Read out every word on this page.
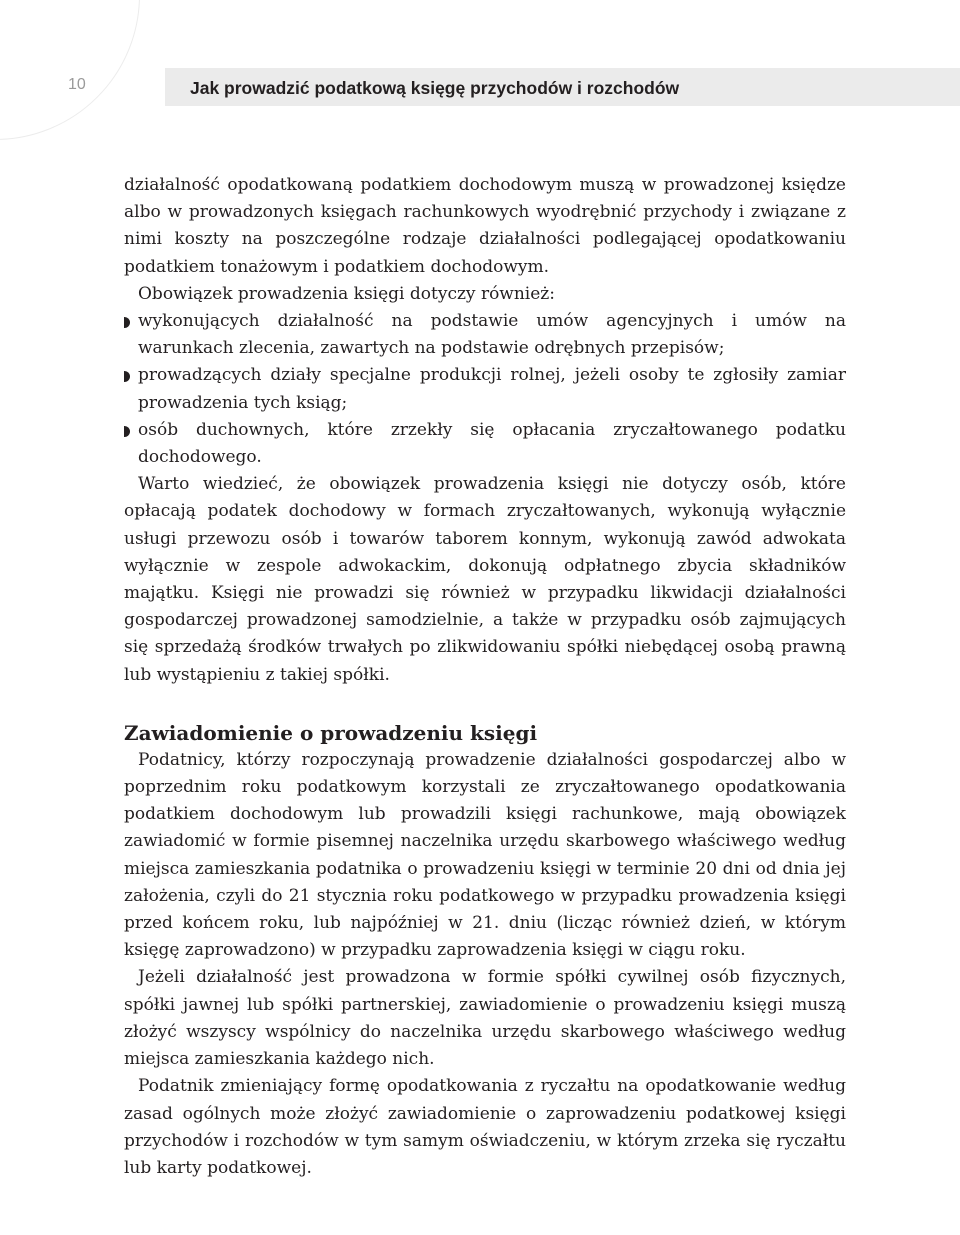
10	Jak prowadzić podatkową księgę przychodów i rozchodów

działalność opodatkowaną podatkiem dochodowym muszą w prowadzonej księdze albo w prowadzonych księgach rachunkowych wyodrębnić przychody i związane z nimi koszty na poszczególne rodzaje działalności podlegającej opodatkowaniu podatkiem tonażowym i podatkiem dochodowym.

Obowiązek prowadzenia księgi dotyczy również:

wykonujących działalność na podstawie umów agencyjnych i umów na warunkach zlecenia, zawartych na podstawie odrębnych przepisów;
prowadzących działy specjalne produkcji rolnej, jeżeli osoby te zgłosiły zamiar prowadzenia tych ksiąg;
osób duchownych, które zrzekły się opłacania zryczałtowanego podatku dochodowego.

Warto wiedzieć, że obowiązek prowadzenia księgi nie dotyczy osób, które opłacają podatek dochodowy w formach zryczałtowanych, wykonują wyłącznie usługi przewozu osób i towarów taborem konnym, wykonują zawód adwokata wyłącznie w zespole adwokackim, dokonują odpłatnego zbycia składników majątku. Księgi nie prowadzi się również w przypadku likwidacji działalności gospodarczej prowadzonej samodzielnie, a także w przypadku osób zajmujących się sprzedażą środków trwałych po zlikwidowaniu spółki niebędącej osobą prawną lub wystąpieniu z takiej spółki.

Zawiadomienie o prowadzeniu księgi

Podatnicy, którzy rozpoczynają prowadzenie działalności gospodarczej albo w poprzednim roku podatkowym korzystali ze zryczałtowanego opodatkowania podatkiem dochodowym lub prowadzili księgi rachunkowe, mają obowiązek zawiadomić w formie pisemnej naczelnika urzędu skarbowego właściwego według miejsca zamieszkania podatnika o prowadzeniu księgi w terminie 20 dni od dnia jej założenia, czyli do 21 stycznia roku podatkowego w przypadku prowadzenia księgi przed końcem roku, lub najpóźniej w 21. dniu (licząc również dzień, w którym księgę zaprowadzono) w przypadku zaprowadzenia księgi w ciągu roku.

Jeżeli działalność jest prowadzona w formie spółki cywilnej osób fizycznych, spółki jawnej lub spółki partnerskiej, zawiadomienie o prowadzeniu księgi muszą złożyć wszyscy wspólnicy do naczelnika urzędu skarbowego właściwego według miejsca zamieszkania każdego nich.

Podatnik zmieniający formę opodatkowania z ryczałtu na opodatkowanie według zasad ogólnych może złożyć zawiadomienie o zaprowadzeniu podatkowej księgi przychodów i rozchodów w tym samym oświadczeniu, w którym zrzeka się ryczałtu lub karty podatkowej.
